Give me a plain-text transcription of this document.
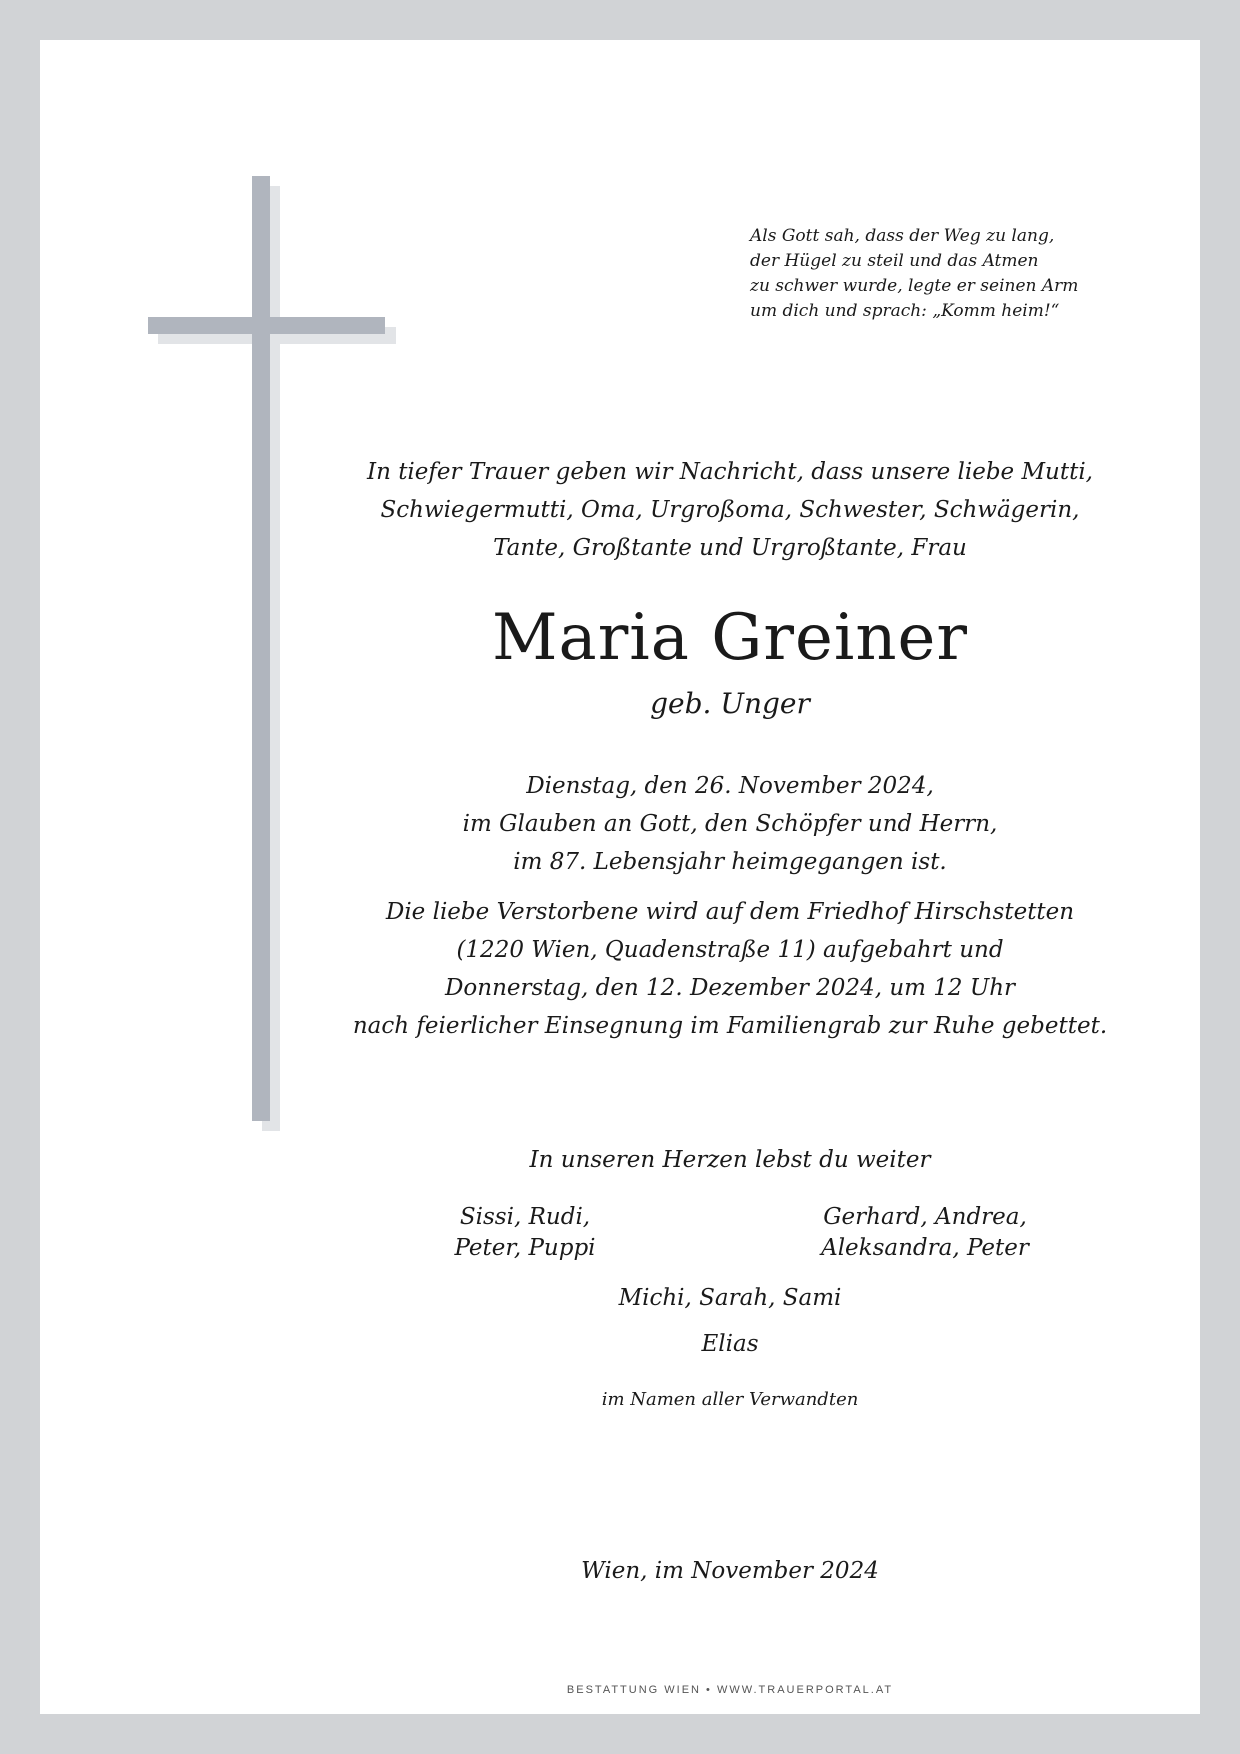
Als Gott sah, dass der Weg zu lang,
der Hügel zu steil und das Atmen
zu schwer wurde, legte er seinen Arm
um dich und sprach: „Komm heim!“
In tiefer Trauer geben wir Nachricht, dass unsere liebe Mutti,
Schwiegermutti, Oma, Urgroßoma, Schwester, Schwägerin,
Tante, Großtante und Urgroßtante, Frau
Maria Greiner
geb. Unger
Dienstag, den 26. November 2024,
im Glauben an Gott, den Schöpfer und Herrn,
im 87. Lebensjahr heimgegangen ist.
Die liebe Verstorbene wird auf dem Friedhof Hirschstetten
(1220 Wien, Quadenstraße 11) aufgebahrt und
Donnerstag, den 12. Dezember 2024, um 12 Uhr
nach feierlicher Einsegnung im Familiengrab zur Ruhe gebettet.
In unseren Herzen lebst du weiter
Sissi, Rudi,
Peter, Puppi
Gerhard, Andrea,
Aleksandra, Peter
Michi, Sarah, Sami
Elias
im Namen aller Verwandten
Wien, im November 2024
BESTATTUNG WIEN • WWW.TRAUERPORTAL.AT
